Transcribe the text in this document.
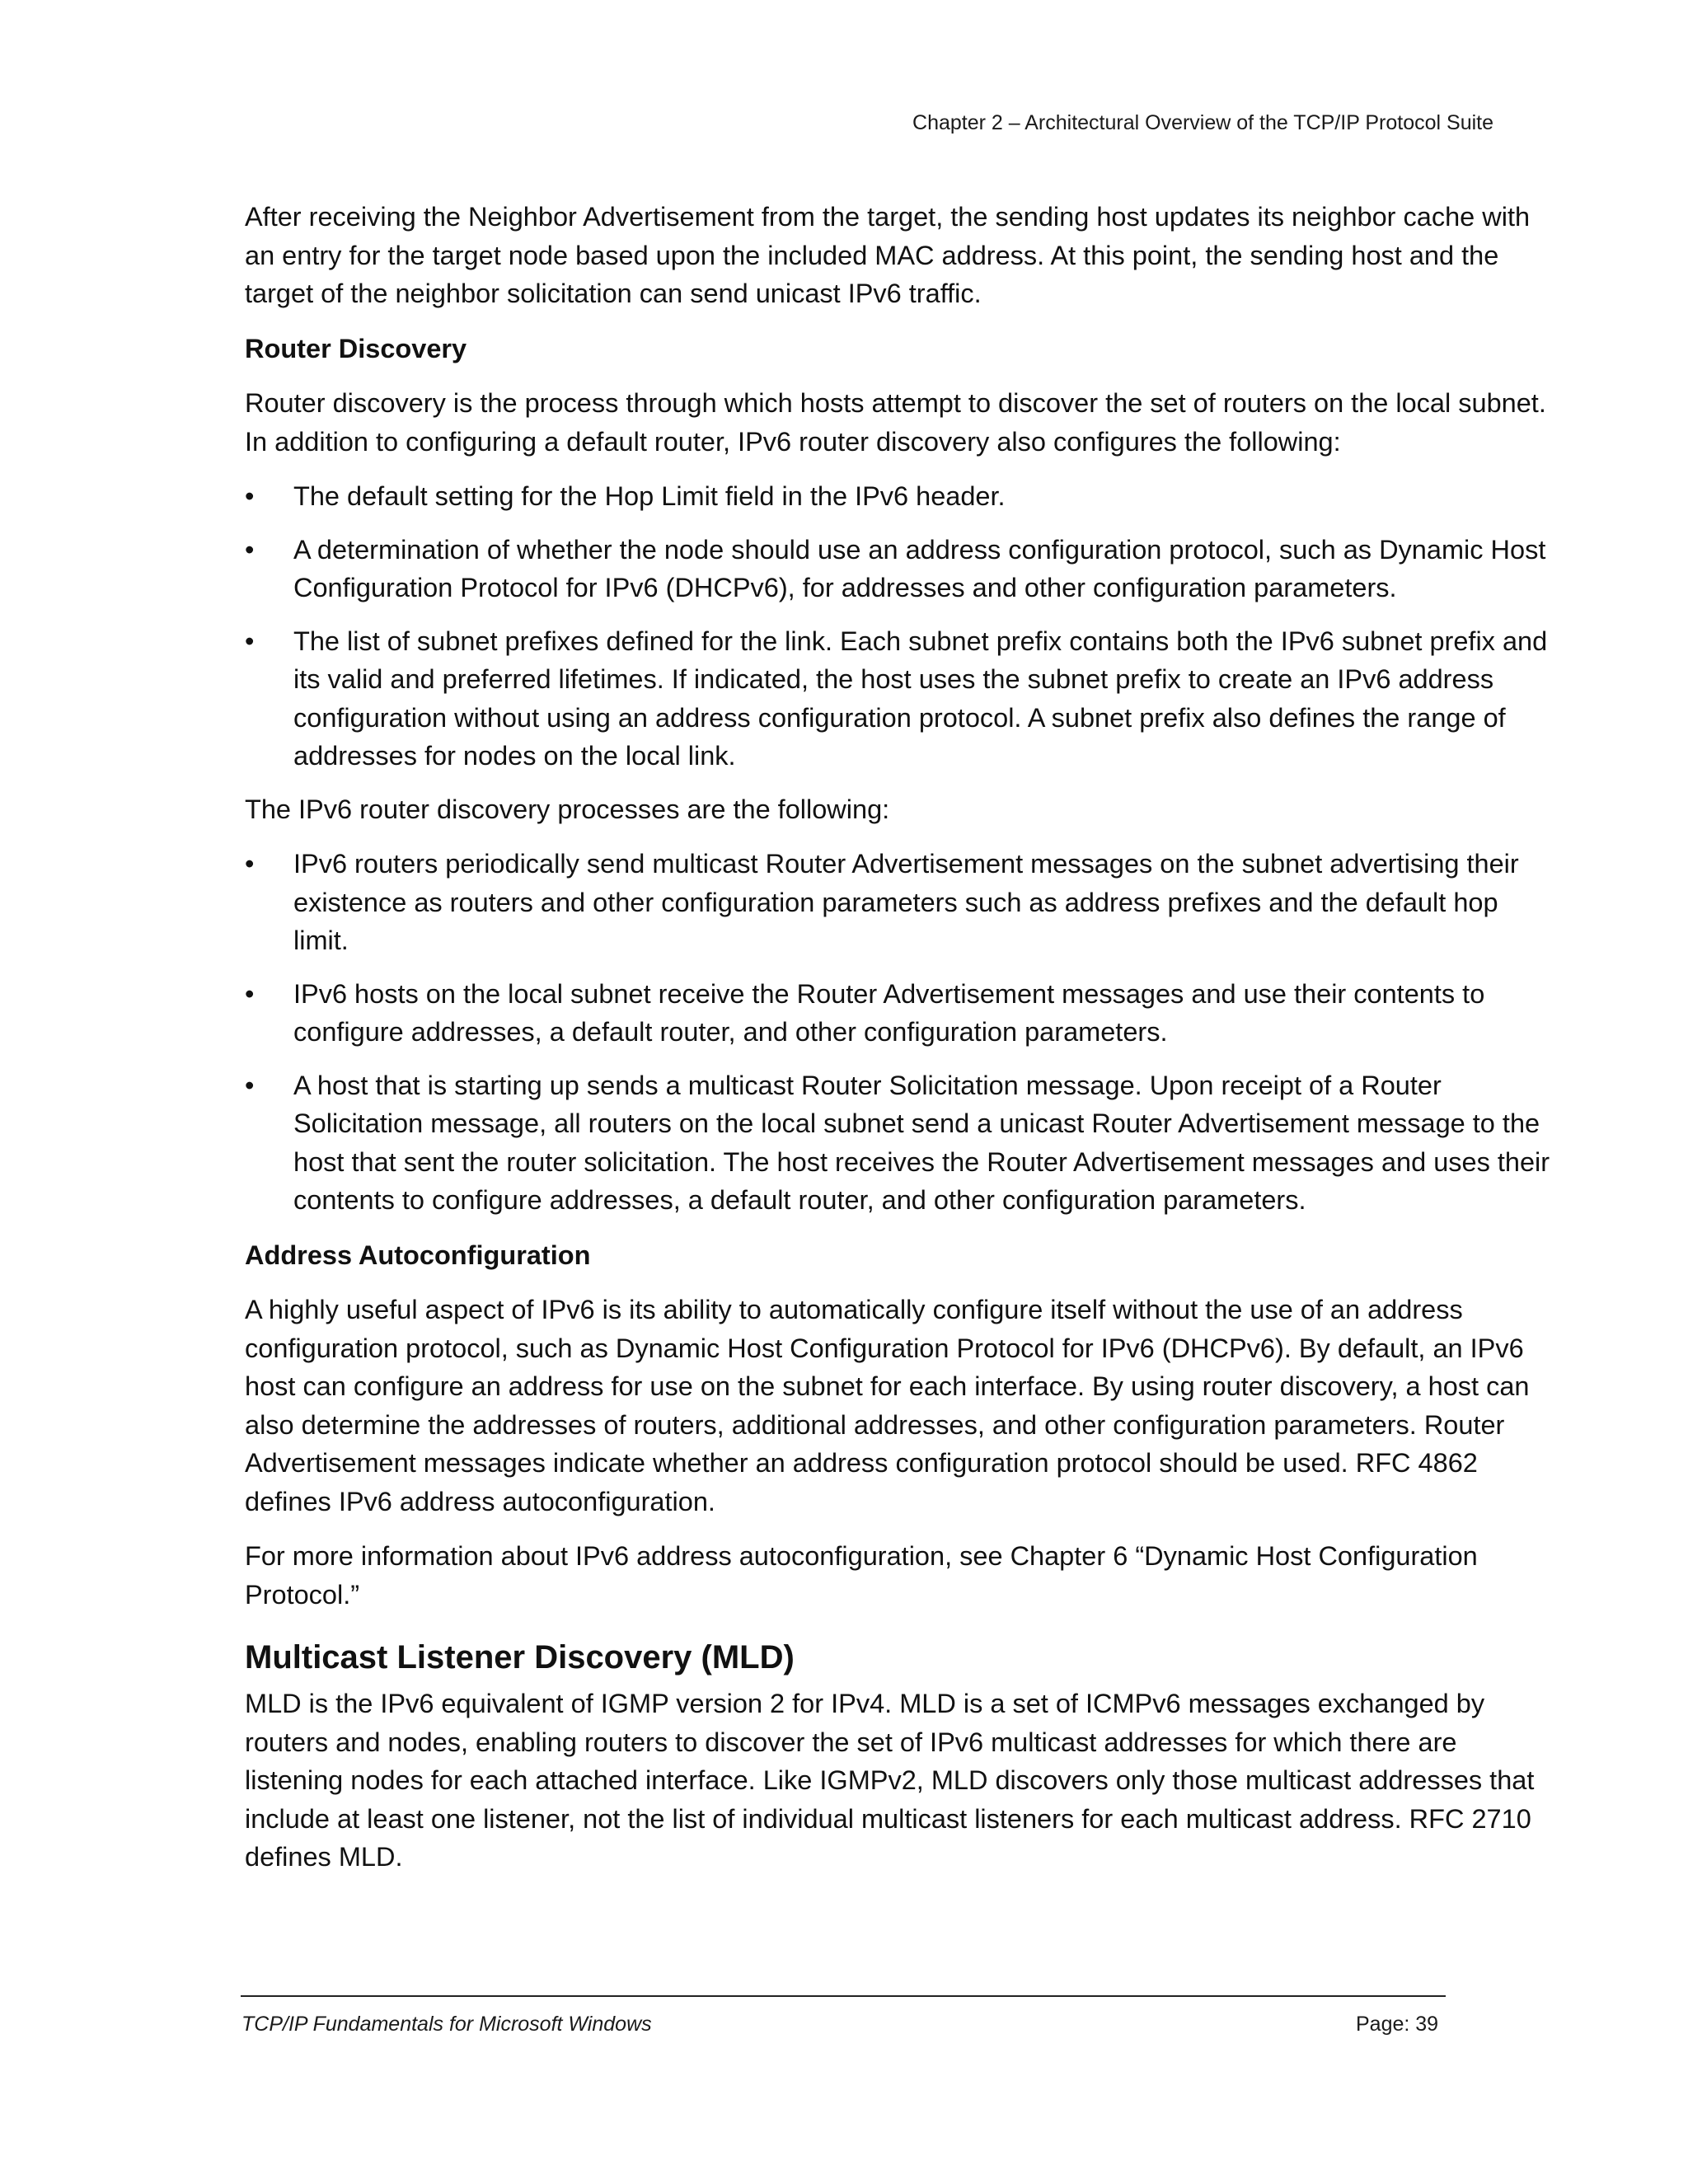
Chapter 2 – Architectural Overview of the TCP/IP Protocol Suite

After receiving the Neighbor Advertisement from the target, the sending host updates its neighbor cache with an entry for the target node based upon the included MAC address. At this point, the sending host and the target of the neighbor solicitation can send unicast IPv6 traffic.

Router Discovery

Router discovery is the process through which hosts attempt to discover the set of routers on the local subnet. In addition to configuring a default router, IPv6 router discovery also configures the following:

•	The default setting for the Hop Limit field in the IPv6 header.
•	A determination of whether the node should use an address configuration protocol, such as Dynamic Host Configuration Protocol for IPv6 (DHCPv6), for addresses and other configuration parameters.
•	The list of subnet prefixes defined for the link. Each subnet prefix contains both the IPv6 subnet prefix and its valid and preferred lifetimes. If indicated, the host uses the subnet prefix to create an IPv6 address configuration without using an address configuration protocol. A subnet prefix also defines the range of addresses for nodes on the local link.

The IPv6 router discovery processes are the following:

•	IPv6 routers periodically send multicast Router Advertisement messages on the subnet advertising their existence as routers and other configuration parameters such as address prefixes and the default hop limit.
•	IPv6 hosts on the local subnet receive the Router Advertisement messages and use their contents to configure addresses, a default router, and other configuration parameters.
•	A host that is starting up sends a multicast Router Solicitation message. Upon receipt of a Router Solicitation message, all routers on the local subnet send a unicast Router Advertisement message to the host that sent the router solicitation. The host receives the Router Advertisement messages and uses their contents to configure addresses, a default router, and other configuration parameters.
Address Autoconfiguration

A highly useful aspect of IPv6 is its ability to automatically configure itself without the use of an address configuration protocol, such as Dynamic Host Configuration Protocol for IPv6 (DHCPv6). By default, an IPv6 host can configure an address for use on the subnet for each interface. By using router discovery, a host can also determine the addresses of routers, additional addresses, and other configuration parameters. Router Advertisement messages indicate whether an address configuration protocol should be used. RFC 4862 defines IPv6 address autoconfiguration.

For more information about IPv6 address autoconfiguration, see Chapter 6 “Dynamic Host Configuration Protocol.”

Multicast Listener Discovery (MLD)

MLD is the IPv6 equivalent of IGMP version 2 for IPv4. MLD is a set of ICMPv6 messages exchanged by routers and nodes, enabling routers to discover the set of IPv6 multicast addresses for which there are listening nodes for each attached interface. Like IGMPv2, MLD discovers only those multicast addresses that include at least one listener, not the list of individual multicast listeners for each multicast address. RFC 2710 defines MLD.

TCP/IP Fundamentals for Microsoft Windows	Page: 39
